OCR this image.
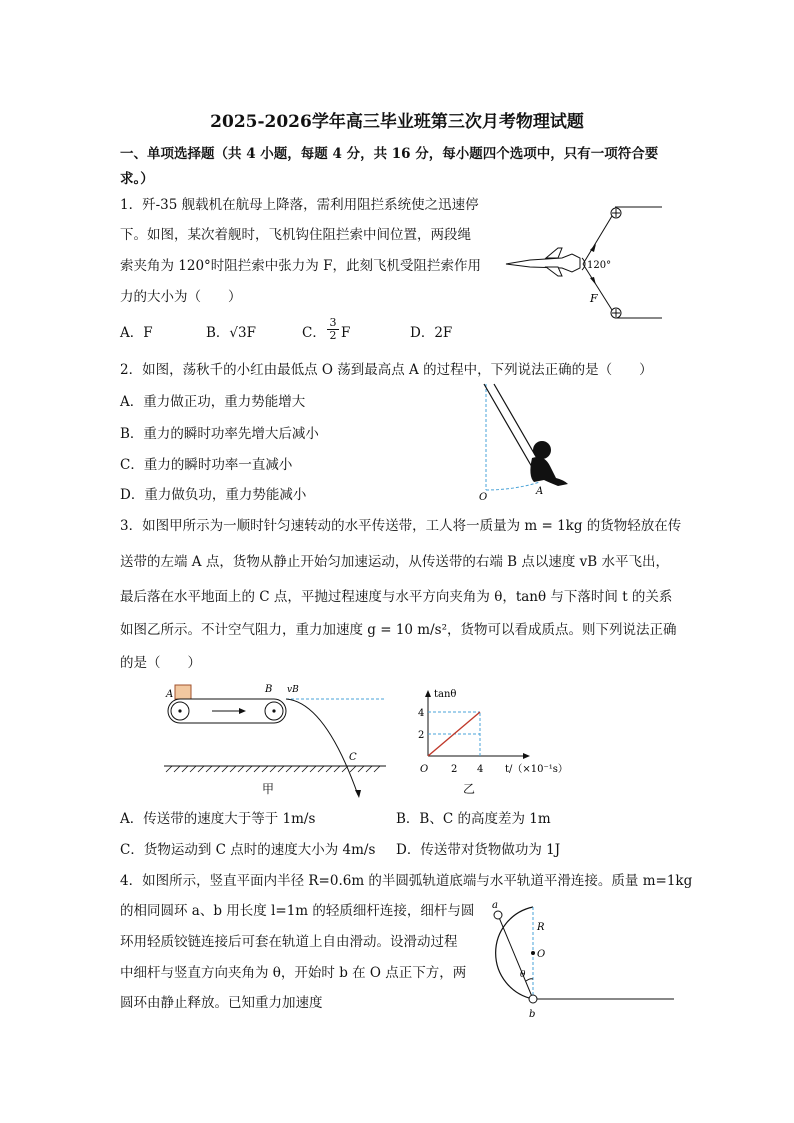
2025-2026学年高三毕业班第三次月考物理试题
一、单项选择题（共 4 小题，每题 4 分，共 16 分，每小题四个选项中，只有一项符合要
求。）
1．歼-35 舰载机在航母上降落，需利用阻拦系统使之迅速停
下。如图，某次着舰时，飞机钩住阻拦索中间位置，两段绳
索夹角为 120°时阻拦索中张力为 F，此刻飞机受阻拦索作用
力的大小为（　　）
A．F	B．√3F	C．
3
2 F	D．2F
120°
F
2．如图，荡秋千的小红由最低点 O 荡到最高点 A 的过程中，下列说法正确的是（　　）
A．重力做正功，重力势能增大
B．重力的瞬时功率先增大后减小
C．重力的瞬时功率一直减小
D．重力做负功，重力势能减小	O
A
3．如图甲所示为一顺时针匀速转动的水平传送带，工人将一质量为 m = 1kg 的货物轻放在传
送带的左端 A 点，货物从静止开始匀加速运动，从传送带的右端 B 点以速度 vB 水平飞出，
最后落在水平地面上的 C 点，平抛过程速度与水平方向夹角为 θ，tanθ 与下落时间 t 的关系
如图乙所示。不计空气阻力，重力加速度 g = 10 m/s²，货物可以看成质点。则下列说法正确
的是（　　）
A	B vB
C
甲
tanθ
t/（×10⁻¹s）
O
2
4
2 4
乙
A．传送带的速度大于等于 1m/s	B．B、C 的高度差为 1m
C．货物运动到 C 点时的速度大小为 4m/s D．传送带对货物做功为 1J
4．如图所示，竖直平面内半径 R=0.6m 的半圆弧轨道底端与水平轨道平滑连接。质量 m=1kg
的相同圆环 a、b 用长度 l=1m 的轻质细杆连接，细杆与圆
环用轻质铰链连接后可套在轨道上自由滑动。设滑动过程
中细杆与竖直方向夹角为 θ，开始时 b 在 O 点正下方，两
圆环由静止释放。已知重力加速度
a
b
R
O
θ
